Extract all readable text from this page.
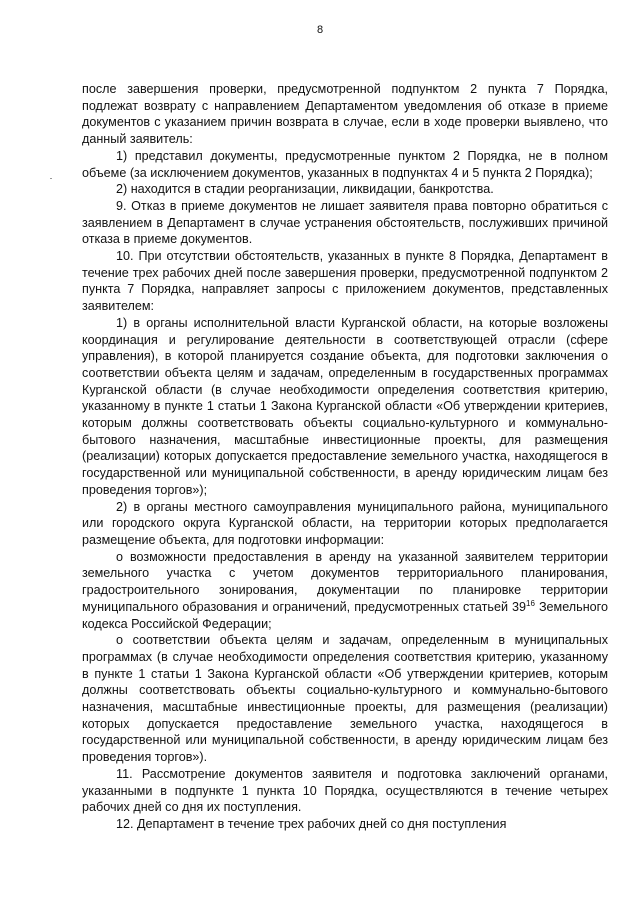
8

после завершения проверки, предусмотренной подпунктом 2 пункта 7 Порядка, подлежат возврату с направлением Департаментом уведомления об отказе в приеме документов с указанием причин возврата в случае, если в ходе проверки выявлено, что данный заявитель:

1) представил документы, предусмотренные пунктом 2 Порядка, не в полном объеме (за исключением документов, указанных в подпунктах 4 и 5 пункта 2 Порядка);

2) находится в стадии реорганизации, ликвидации, банкротства.

9. Отказ в приеме документов не лишает заявителя права повторно обратиться с заявлением в Департамент в случае устранения обстоятельств, послуживших причиной отказа в приеме документов.

10. При отсутствии обстоятельств, указанных в пункте 8 Порядка, Департамент в течение трех рабочих дней после завершения проверки, предусмотренной подпунктом 2 пункта 7 Порядка, направляет запросы с приложением документов, представленных заявителем:

1) в органы исполнительной власти Курганской области, на которые возложены координация и регулирование деятельности в соответствующей отрасли (сфере управления), в которой планируется создание объекта, для подготовки заключения о соответствии объекта целям и задачам, определенным в государственных программах Курганской области (в случае необходимости определения соответствия критерию, указанному в пункте 1 статьи 1 Закона Курганской области «Об утверждении критериев, которым должны соответствовать объекты социально-культурного и коммунально-бытового назначения, масштабные инвестиционные проекты, для размещения (реализации) которых допускается предоставление земельного участка, находящегося в государственной или муниципальной собственности, в аренду юридическим лицам без проведения торгов»);

2) в органы местного самоуправления муниципального района, муниципального или городского округа Курганской области, на территории которых предполагается размещение объекта, для подготовки информации:

о возможности предоставления в аренду на указанной заявителем территории земельного участка с учетом документов территориального планирования, градостроительного зонирования, документации по планировке территории муниципального образования и ограничений, предусмотренных статьей $39^{16}$ Земельного кодекса Российской Федерации;

о соответствии объекта целям и задачам, определенным в муниципальных программах (в случае необходимости определения соответствия критерию, указанному в пункте 1 статьи 1 Закона Курганской области «Об утверждении критериев, которым должны соответствовать объекты социально-культурного и коммунально-бытового назначения, масштабные инвестиционные проекты, для размещения (реализации) которых допускается предоставление земельного участка, находящегося в государственной или муниципальной собственности, в аренду юридическим лицам без проведения торгов»).

11. Рассмотрение документов заявителя и подготовка заключений органами, указанными в подпункте 1 пункта 10 Порядка, осуществляются в течение четырех рабочих дней со дня их поступления.

12. Департамент в течение трех рабочих дней со дня поступления
